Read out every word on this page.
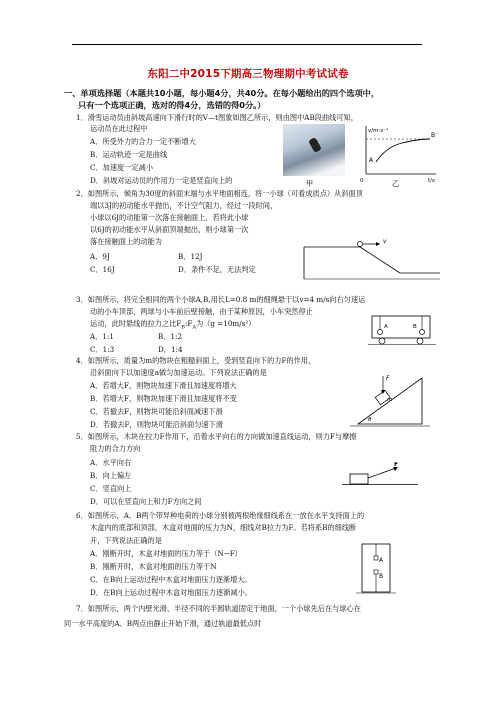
东阳二中2015下期高三物理期中考试试卷
一、单项选择题（本题共10小题，每小题4分，共40分。在每小题给出的四个选项中，
只有一个选项正确，选对的得4分，选错的得0分。）
1．滑雪运动员由斜坡高速向下滑行时的V—t图象如图乙所示，则由图中AB段曲线可知，
运动员在此过程中
A．所受外力的合力一定不断增大
B．运动轨迹一定是曲线
C．加速度一定减小
D．斜坡对运动员的作用力一定是竖直向上的	甲
v/m·s⁻¹
A
B
t/s
0	乙
2．如图所示，倾角为30度的斜面末端与水平地面相连，将一小球（可看成质点）从斜面顶
端以3J的初动能水平抛出，不计空气阻力，经过一段时间，
小球以6J的动能第一次落在接触面上．若将此小球
以6J的初动能水平从斜面顶端抛出，则小球第一次
落在接触面上的动能为
A．9J	B．12J
C．16J	D．条件不足，无法判定
v
3．如图所示，将完全相同的两个小球A,B,用长L=0.8 m的细绳悬于以v=4 m/s向右匀速运
动的小车顶部，两球与小车前后壁接触，由于某种原因，小车突然停止
运动，此时悬线的拉力之比$F_B:F_A$为（g =10m/s²）
A．1:1	B．1:2
C．1:3	D．1:4
A	B
4．如图所示，质量为m的物块在粗糙斜面上，受到竖直向下的力F的作用，
沿斜面向下以加速度a做匀加速运动。下列说法正确的是
A．若增大F，则物块加速下滑且加速度将增大
B．若增大F，则物块加速下滑且加速度将不变
C．若撤去F，则物块可能沿斜面减速下滑
D．若撤去F，则物块可能沿斜面匀速下滑
F
θ
m
5．如图所示，木块在拉力F作用下，沿着水平向右的方向做加速直线运动，则力F与摩擦
阻力的合力方向
A．水平向右
B．向上偏左
C．竖直向上
D．可以在竖直向上和力F方向之间
F
6．如图所示，A、B两个带异种电荷的小球分别被两根绝缘细线系在一放在水平支持面上的
木盒内的底部和顶部，木盒对地面的压力为N，细线对B拉力为F。若将系B的细线断
开，下列说法正确的是
A．刚断开时，木盒对地面的压力等于（N−F）
B．刚断开时，木盒对地面的压力等于N
C．在B向上运动过程中木盒对地面压力逐渐增大。
D．在B向上运动过程中木盒对地面压力逐渐减小。
A
B
7．如图所示，两个内壁光滑、半径不同的半圆轨道固定于地面，一个小球先后在与球心在
同一水平高度的A、B两点由静止开始下滑，通过轨道最低点时
